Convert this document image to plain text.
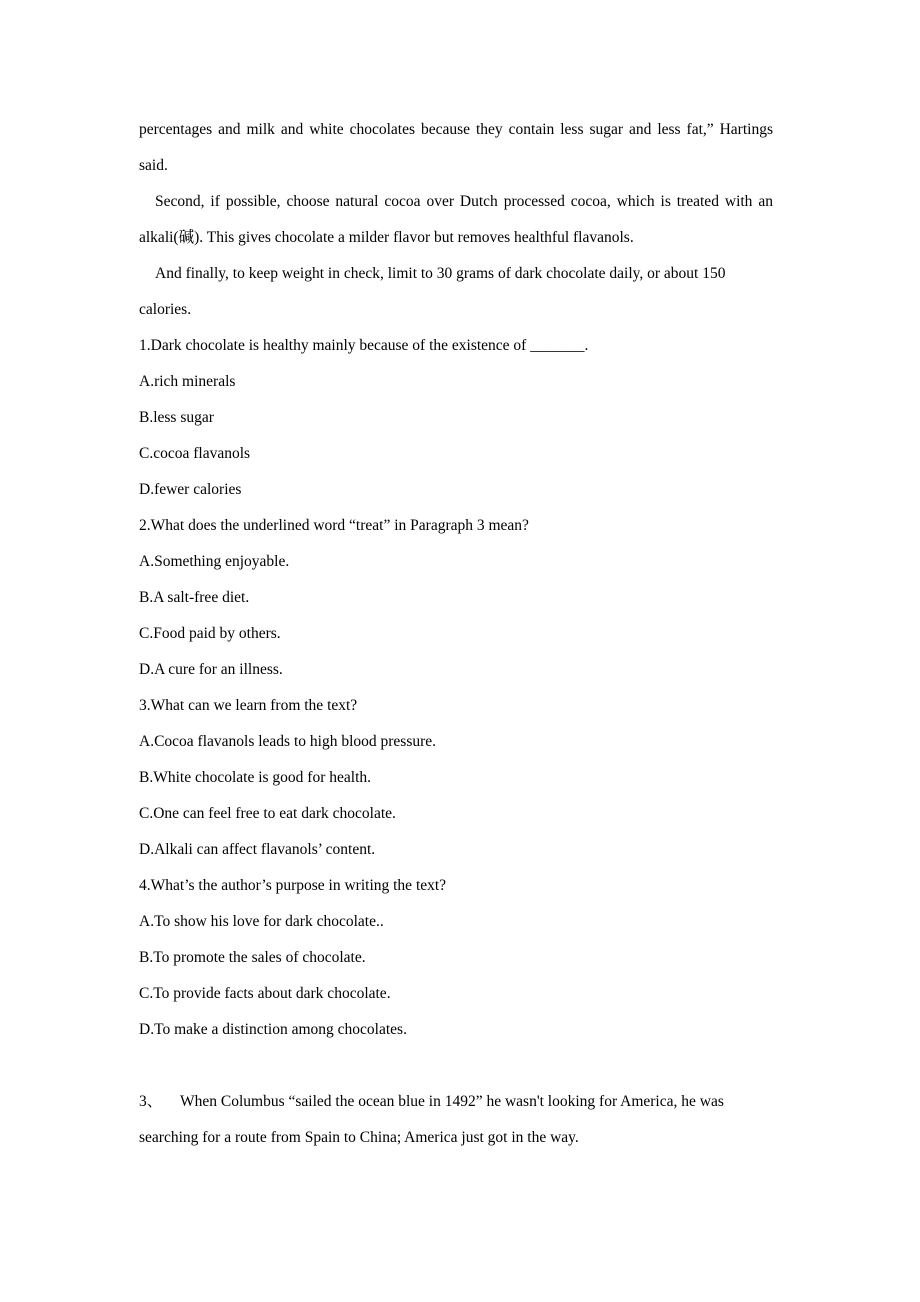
percentages and milk and white chocolates because they contain less sugar and less fat,” Hartings
said.
Second, if possible, choose natural cocoa over Dutch processed cocoa, which is treated with an
alkali(碱). This gives chocolate a milder flavor but removes healthful flavanols.
And finally, to keep weight in check, limit to 30 grams of dark chocolate daily, or about 150
calories.
1.Dark chocolate is healthy mainly because of the existence of _______.
A.rich minerals
B.less sugar
C.cocoa flavanols
D.fewer calories
2.What does the underlined word “treat” in Paragraph 3 mean?
A.Something enjoyable.
B.A salt-free diet.
C.Food paid by others.
D.A cure for an illness.
3.What can we learn from the text?
A.Cocoa flavanols leads to high blood pressure.
B.White chocolate is good for health.
C.One can feel free to eat dark chocolate.
D.Alkali can affect flavanols’ content.
4.What’s the author’s purpose in writing the text?
A.To show his love for dark chocolate..
B.To promote the sales of chocolate.
C.To provide facts about dark chocolate.
D.To make a distinction among chocolates.
3、 When Columbus “sailed the ocean blue in 1492” he wasn't looking for America, he was
searching for a route from Spain to China; America just got in the way.
